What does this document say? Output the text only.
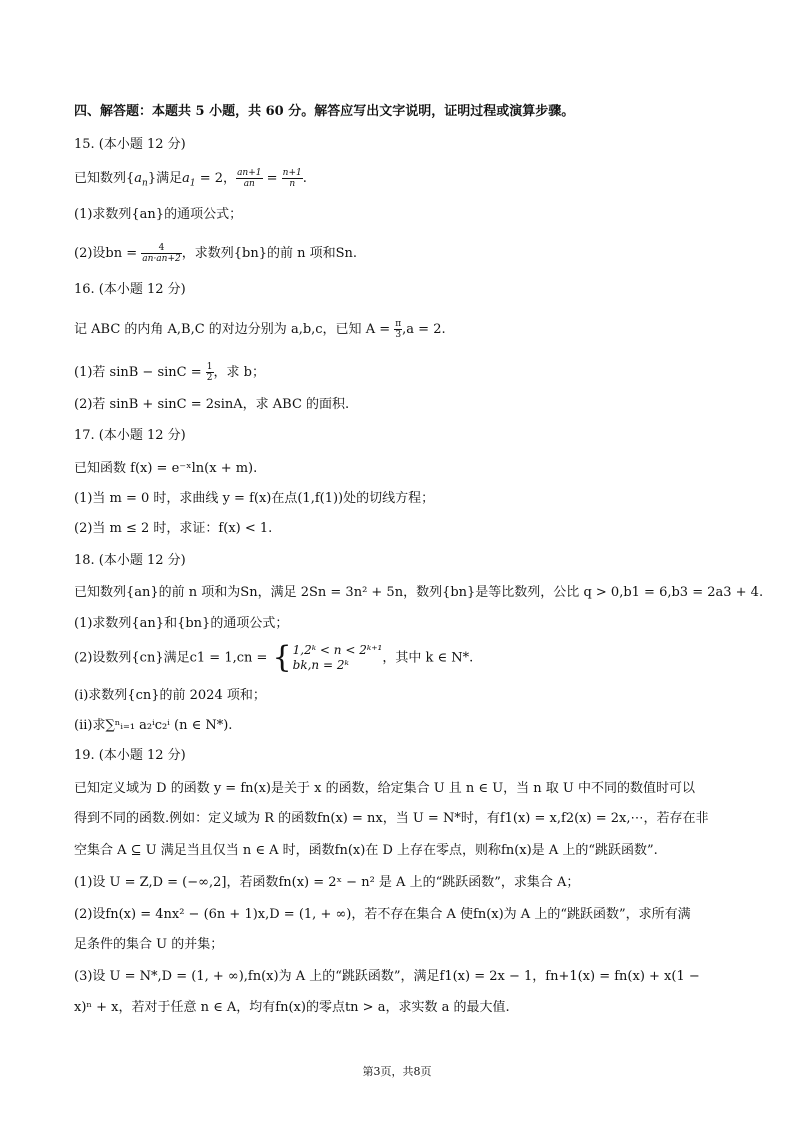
四、解答题：本题共 5 小题，共 60 分。解答应写出文字说明，证明过程或演算步骤。
15. (本小题 12 分)
已知数列$\{a_n\}$满足$a_1 = 2$， $\frac{an+1}{an} = \frac{n+1}{n}$ .
(1)求数列{an}的通项公式；
(2)设bn = $\frac{4}{an\cdot an+2}$ ，求数列{bn}的前 n 项和Sn.
16. (本小题 12 分)
记 ABC 的内角 A,B,C 的对边分别为 a,b,c，已知 $A = \frac{\pi}{3} ,a = 2$.
(1)若 $\sin B - \sin C = \frac{1}{2}$ ，求 b；
(2)若 sinB + sinC = 2sinA，求 ABC 的面积.
17. (本小题 12 分)
已知函数 f(x) = e⁻ˣln(x + m).
(1)当 m = 0 时，求曲线 y = f(x)在点(1,f(1))处的切线方程；
(2)当 m ≤ 2 时，求证：f(x) < 1.
18. (本小题 12 分)
已知数列{an}的前 n 项和为Sn，满足 2Sn = 3n² + 5n，数列{bn}是等比数列，公比 q > 0,b1 = 6,b3 = 2a3 + 4.
(1)求数列{an}和{bn}的通项公式；
(2)设数列{cn}满足c1 = 1,cn = { 1,2ᵏ < n < 2ᵏ⁺¹
bk,n = 2ᵏ	，其中 k ∈ N*.
(i)求数列{cn}的前 2024 项和；
(ii)求∑ⁿᵢ₌₁ a₂ⁱc₂ⁱ (n ∈ N*).
19. (本小题 12 分)
已知定义域为 D 的函数 y = fn(x)是关于 x 的函数，给定集合 U 且 n ∈ U，当 n 取 U 中不同的数值时可以
得到不同的函数.例如：定义域为 R 的函数fn(x) = nx，当 U = N*时，有f1(x) = x,f2(x) = 2x,⋯，若存在非
空集合 A ⊆ U 满足当且仅当 n ∈ A 时，函数fn(x)在 D 上存在零点，则称fn(x)是 A 上的“跳跃函数”.
(1)设 U = Z,D = (−∞,2]，若函数fn(x) = 2ˣ − n² 是 A 上的“跳跃函数”，求集合 A；
(2)设fn(x) = 4nx² − (6n + 1)x,D = (1, + ∞)，若不存在集合 A 使fn(x)为 A 上的“跳跃函数”，求所有满
足条件的集合 U 的并集；
(3)设 U = N*,D = (1, + ∞),fn(x)为 A 上的“跳跃函数”，满足f1(x) = 2x − 1，fn+1(x) = fn(x) + x(1 −
x)ⁿ + x，若对于任意 n ∈ A，均有fn(x)的零点tn > a，求实数 a 的最大值.
第3页，共8页
